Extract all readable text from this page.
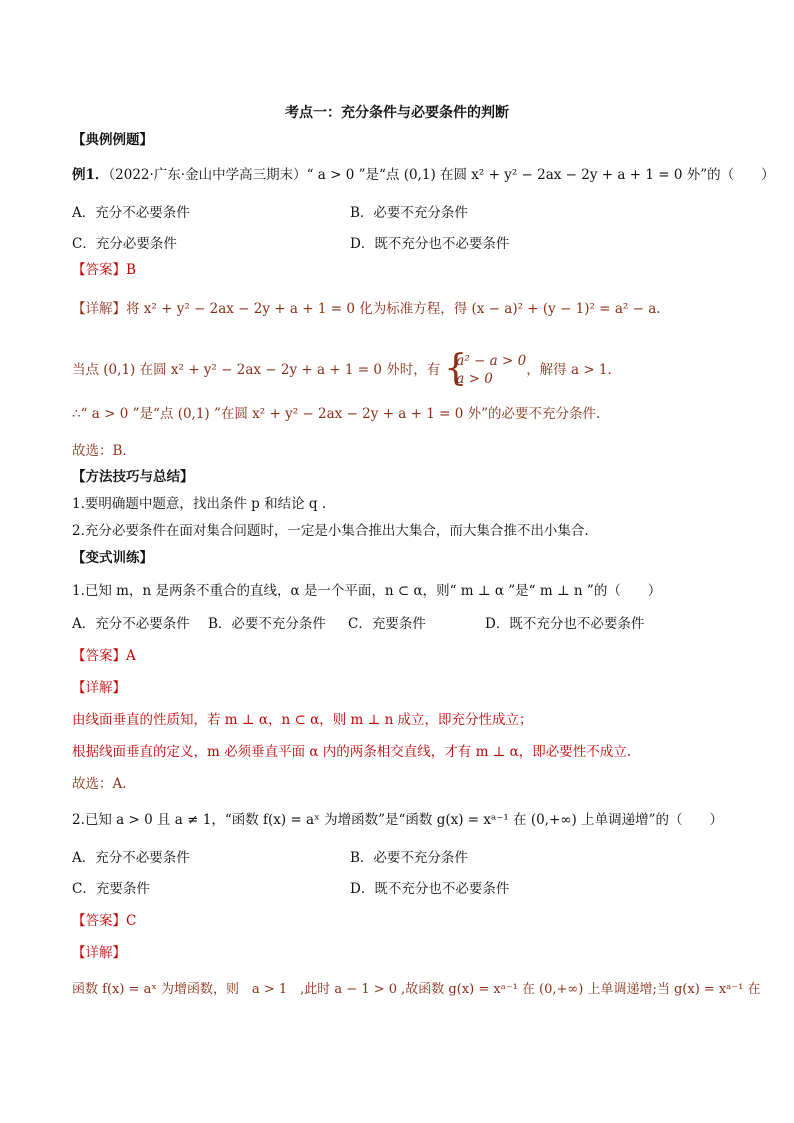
考点一：充分条件与必要条件的判断
【典例例题】
例1．（2022·广东·金山中学高三期末）“ a > 0 ”是“点 (0,1) 在圆 x² + y² − 2ax − 2y + a + 1 = 0 外”的（　　）
A．充分不必要条件	B．必要不充分条件
C．充分必要条件	D．既不充分也不必要条件
【答案】B
【详解】将 x² + y² − 2ax − 2y + a + 1 = 0 化为标准方程，得 (x − a)² + (y − 1)² = a² − a.
当点 (0,1) 在圆 x² + y² − 2ax − 2y + a + 1 = 0 外时，有 {
a² − a > 0
a > 0
，解得 a > 1.
∴“ a > 0 ”是“点 (0,1) ”在圆 x² + y² − 2ax − 2y + a + 1 = 0 外”的必要不充分条件.
故选：B.
【方法技巧与总结】
1.要明确题中题意，找出条件 p 和结论 q .
2.充分必要条件在面对集合问题时，一定是小集合推出大集合，而大集合推不出小集合.
【变式训练】
1.已知 m，n 是两条不重合的直线，α 是一个平面，n ⊂ α，则“ m ⊥ α ”是“ m ⊥ n ”的（　　）
A．充分不必要条件 B．必要不充分条件 C．充要条件	D．既不充分也不必要条件
【答案】A
【详解】
由线面垂直的性质知，若 m ⊥ α，n ⊂ α，则 m ⊥ n 成立，即充分性成立；
根据线面垂直的定义，m 必须垂直平面 α 内的两条相交直线，才有 m ⊥ α，即必要性不成立.
故选：A.
2.已知 a > 0 且 a ≠ 1，“函数 f(x) = aˣ 为增函数”是“函数 g(x) = xᵃ⁻¹ 在 (0,+∞) 上单调递增”的（　　）
A．充分不必要条件	B．必要不充分条件
C．充要条件	D．既不充分也不必要条件
【答案】C
【详解】
函数 f(x) = aˣ 为增函数，则　a > 1　,此时 a − 1 > 0 ,故函数 g(x) = xᵃ⁻¹ 在 (0,+∞) 上单调递增;当 g(x) = xᵃ⁻¹ 在
